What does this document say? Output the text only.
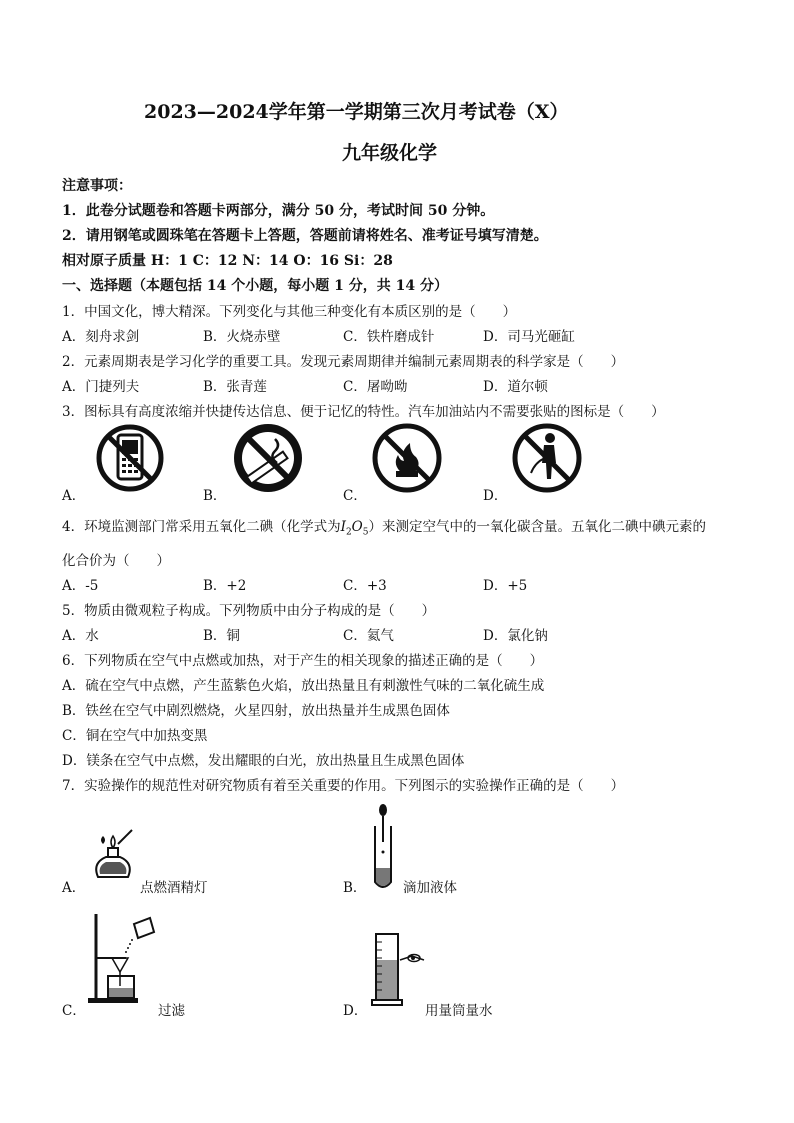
2023—2024学年第一学期第三次月考试卷（X）
九年级化学
注意事项：
1．此卷分试题卷和答题卡两部分，满分 50 分，考试时间 50 分钟。
2．请用钢笔或圆珠笔在答题卡上答题，答题前请将姓名、准考证号填写清楚。
相对原子质量 H：1 C：12 N：14 O：16 Si：28
一、选择题（本题包括 14 个小题，每小题 1 分，共 14 分）
1．中国文化，博大精深。下列变化与其他三种变化有本质区别的是（　　）
A．刻舟求剑	B．火烧赤壁	C．铁杵磨成针	D．司马光砸缸
2．元素周期表是学习化学的重要工具。发现元素周期律并编制元素周期表的科学家是（　　）
A．门捷列夫	B．张青莲	C．屠呦呦	D．道尔顿
3．图标具有高度浓缩并快捷传达信息、便于记忆的特性。汽车加油站内不需要张贴的图标是（　　）
A．	B．	C．	D．
4．环境监测部门常采用五氧化二碘（化学式为$I_2O_5$）来测定空气中的一氧化碳含量。五氧化二碘中碘元素的
化合价为（　　）
A．-5	B．+2	C．+3	D．+5
5．物质由微观粒子构成。下列物质中由分子构成的是（　　）
A．水	B．铜	C．氦气	D．氯化钠
6．下列物质在空气中点燃或加热，对于产生的相关现象的描述正确的是（　　）
A．硫在空气中点燃，产生蓝紫色火焰，放出热量且有刺激性气味的二氧化硫生成
B．铁丝在空气中剧烈燃烧，火星四射，放出热量并生成黑色固体
C．铜在空气中加热变黑
D．镁条在空气中点燃，发出耀眼的白光，放出热量且生成黑色固体
7．实验操作的规范性对研究物质有着至关重要的作用。下列图示的实验操作正确的是（　　）
A．	点燃酒精灯	B．	滴加液体
C．	过滤	D．	用量筒量水
